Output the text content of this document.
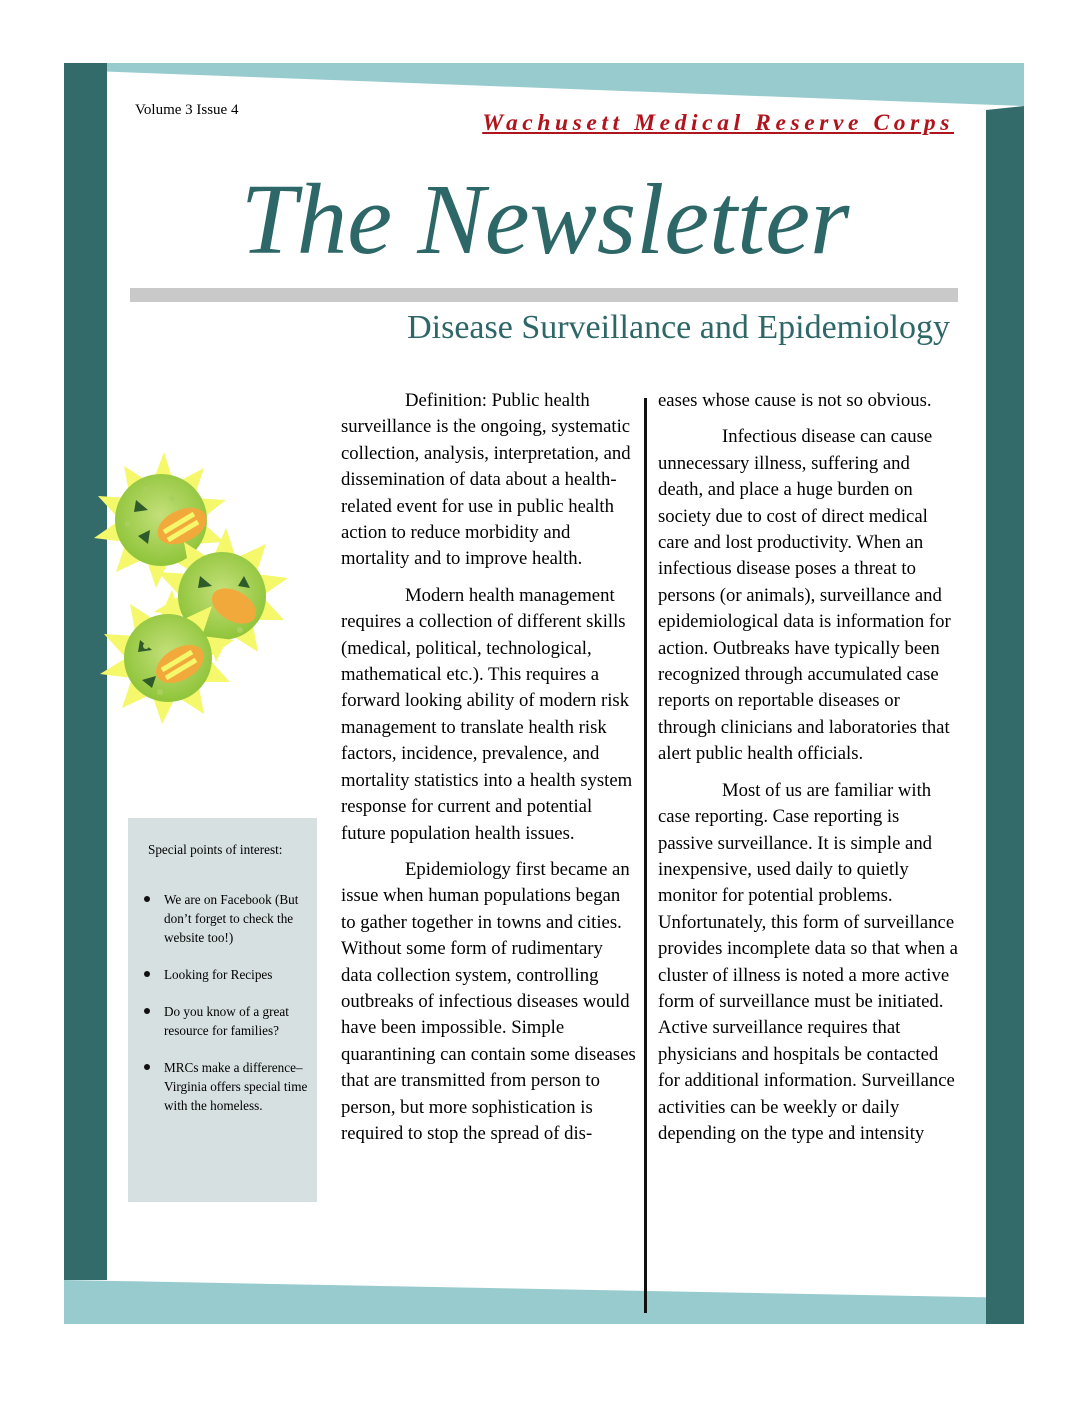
Volume 3 Issue 4	Wachusett Medical Reserve Corps
The Newsletter
Disease Surveillance and Epidemiology
Special points of interest:
We are on Facebook (But don’t forget to check the website too!)
Looking for Recipes
Do you know of a great resource for families?
MRCs make a difference– Virginia offers special time with the homeless.

Definition: Public health surveillance is the ongoing, systematic collection, analysis, interpretation, and dissemination of data about a health-related event for use in public health action to reduce morbidity and mortality and to improve health.

Modern health management requires a collection of different skills (medical, political, technological, mathematical etc.). This requires a forward looking ability of modern risk management to translate health risk factors, incidence, prevalence, and mortality statistics into a health system response for current and potential future population health issues.

Epidemiology first became an issue when human populations began to gather together in towns and cities. Without some form of rudimentary data collection system, controlling outbreaks of infectious diseases would have been impossible. Simple quarantining can contain some diseases that are transmitted from person to person, but more sophistication is required to stop the spread of dis-

eases whose cause is not so obvious.

Infectious disease can cause unnecessary illness, suffering and death, and place a huge burden on society due to cost of direct medical care and lost productivity. When an infectious disease poses a threat to persons (or animals), surveillance and epidemiological data is information for action. Outbreaks have typically been recognized through accumulated case reports on reportable diseases or through clinicians and laboratories that alert public health officials.

Most of us are familiar with case reporting. Case reporting is passive surveillance. It is simple and inexpensive, used daily to quietly monitor for potential problems. Unfortunately, this form of surveillance provides incomplete data so that when a cluster of illness is noted a more active form of surveillance must be initiated. Active surveillance requires that physicians and hospitals be contacted for additional information. Surveillance activities can be weekly or daily depending on the type and intensity
